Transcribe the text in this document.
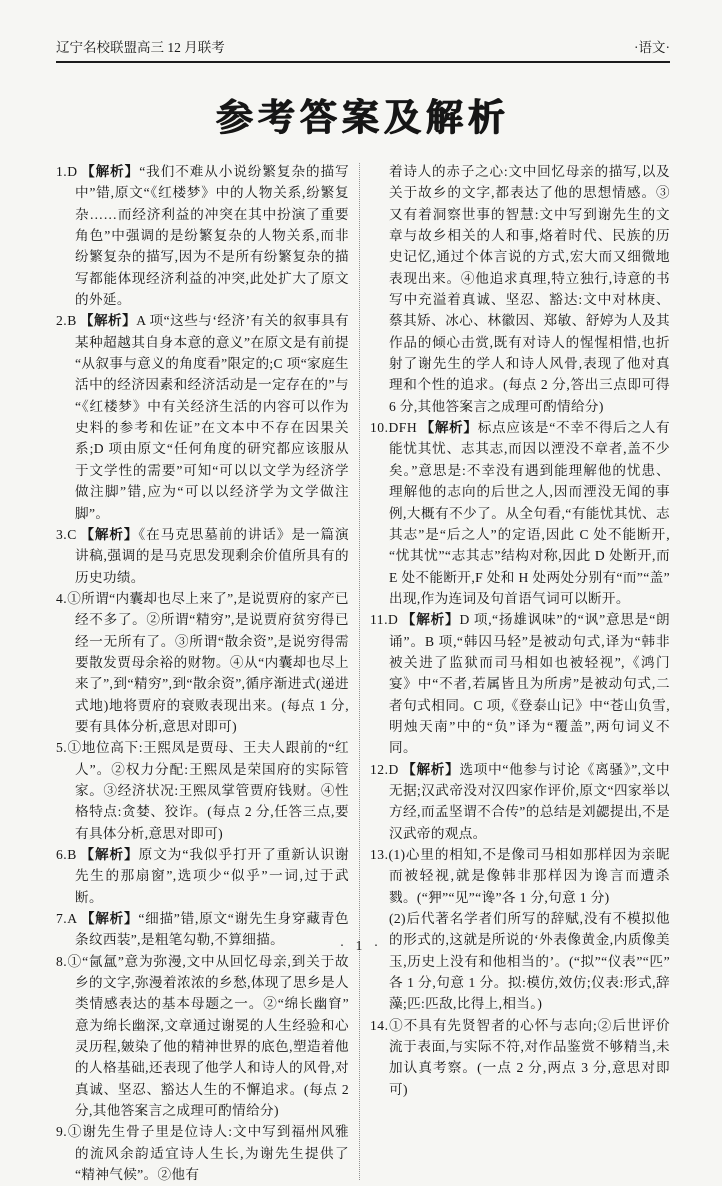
辽宁名校联盟高三 12 月联考	·语文·
参考答案及解析
1.D 【解析】“我们不难从小说纷繁复杂的描写中”错,原文“《红楼梦》中的人物关系,纷繁复杂……而经济利益的冲突在其中扮演了重要角色”中强调的是纷繁复杂的人物关系,而非纷繁复杂的描写,因为不是所有纷繁复杂的描写都能体现经济利益的冲突,此处扩大了原文的外延。
2.B 【解析】A 项“这些与‘经济’有关的叙事具有某种超越其自身本意的意义”在原文是有前提“从叙事与意义的角度看”限定的;C 项“家庭生活中的经济因素和经济活动是一定存在的”与“《红楼梦》中有关经济生活的内容可以作为史料的参考和佐证”在文本中不存在因果关系;D 项由原文“任何角度的研究都应该服从于文学性的需要”可知“可以以文学为经济学做注脚”错,应为“可以以经济学为文学做注脚”。
3.C 【解析】《在马克思墓前的讲话》是一篇演讲稿,强调的是马克思发现剩余价值所具有的历史功绩。
4.①所谓“内囊却也尽上来了”,是说贾府的家产已经不多了。②所谓“精穷”,是说贾府贫穷得已经一无所有了。③所谓“散余资”,是说穷得需要散发贾母余裕的财物。④从“内囊却也尽上来了”,到“精穷”,到“散余资”,循序渐进式(递进式地)地将贾府的衰败表现出来。(每点 1 分,要有具体分析,意思对即可)
5.①地位高下:王熙凤是贾母、王夫人跟前的“红人”。②权力分配:王熙凤是荣国府的实际管家。③经济状况:王熙凤掌管贾府钱财。④性格特点:贪婪、狡诈。(每点 2 分,任答三点,要有具体分析,意思对即可)
6.B 【解析】原文为“我似乎打开了重新认识谢先生的那扇窗”,选项少“似乎”一词,过于武断。
7.A 【解析】“细描”错,原文“谢先生身穿藏青色条纹西装”,是粗笔勾勒,不算细描。
8.①“氤氲”意为弥漫,文中从回忆母亲,到关于故乡的文字,弥漫着浓浓的乡愁,体现了思乡是人类情感表达的基本母题之一。②“绵长幽窅”意为绵长幽深,文章通过谢冕的人生经验和心灵历程,皴染了他的精神世界的底色,塑造着他的人格基础,还表现了他学人和诗人的风骨,对真诚、坚忍、豁达人生的不懈追求。(每点 2 分,其他答案言之成理可酌情给分)
9.①谢先生骨子里是位诗人:文中写到福州风雅的流风余韵适宜诗人生长,为谢先生提供了“精神气候”。②他有
着诗人的赤子之心:文中回忆母亲的描写,以及关于故乡的文字,都表达了他的思想情感。③又有着洞察世事的智慧:文中写到谢先生的文章与故乡相关的人和事,烙着时代、民族的历史记忆,通过个体言说的方式,宏大而又细微地表现出来。④他追求真理,特立独行,诗意的书写中充溢着真诚、坚忍、豁达:文中对林庚、蔡其矫、冰心、林徽因、郑敏、舒婷为人及其作品的倾心击赏,既有对诗人的惺惺相惜,也折射了谢先生的学人和诗人风骨,表现了他对真理和个性的追求。(每点 2 分,答出三点即可得 6 分,其他答案言之成理可酌情给分)
10.DFH 【解析】标点应该是“不幸不得后之人有能忧其忧、志其志,而因以湮没不章者,盖不少矣。”意思是:不幸没有遇到能理解他的忧患、理解他的志向的后世之人,因而湮没无闻的事例,大概有不少了。从全句看,“有能忧其忧、志其志”是“后之人”的定语,因此 C 处不能断开,“忧其忧”“志其志”结构对称,因此 D 处断开,而 E 处不能断开,F 处和 H 处两处分别有“而”“盖”出现,作为连词及句首语气词可以断开。
11.D 【解析】D 项,“扬雄讽味”的“讽”意思是“朗诵”。B 项,“韩囚马轻”是被动句式,译为“韩非被关进了监狱而司马相如也被轻视”,《鸿门宴》中“不者,若属皆且为所虏”是被动句式,二者句式相同。C 项,《登泰山记》中“苍山负雪,明烛天南”中的“负”译为“覆盖”,两句词义不同。
12.D 【解析】选项中“他参与讨论《离骚》”,文中无据;汉武帝没对汉四家作评价,原文“四家举以方经,而孟坚谓不合传”的总结是刘勰提出,不是汉武帝的观点。
13.(1)心里的相知,不是像司马相如那样因为亲昵而被轻视,就是像韩非那样因为谗言而遭杀戮。(“狎”“见”“谗”各 1 分,句意 1 分)
(2)后代著名学者们所写的辞赋,没有不模拟他的形式的,这就是所说的‘外表像黄金,内质像美玉,历史上没有和他相当的’。(“拟”“仪表”“匹”各 1 分,句意 1 分。拟:模仿,效仿;仪表:形式,辞藻;匹:匹敌,比得上,相当。)
14.①不具有先贤智者的心怀与志向;②后世评价流于表面,与实际不符,对作品鉴赏不够精当,未加认真考察。(一点 2 分,两点 3 分,意思对即可)
· 1 ·
